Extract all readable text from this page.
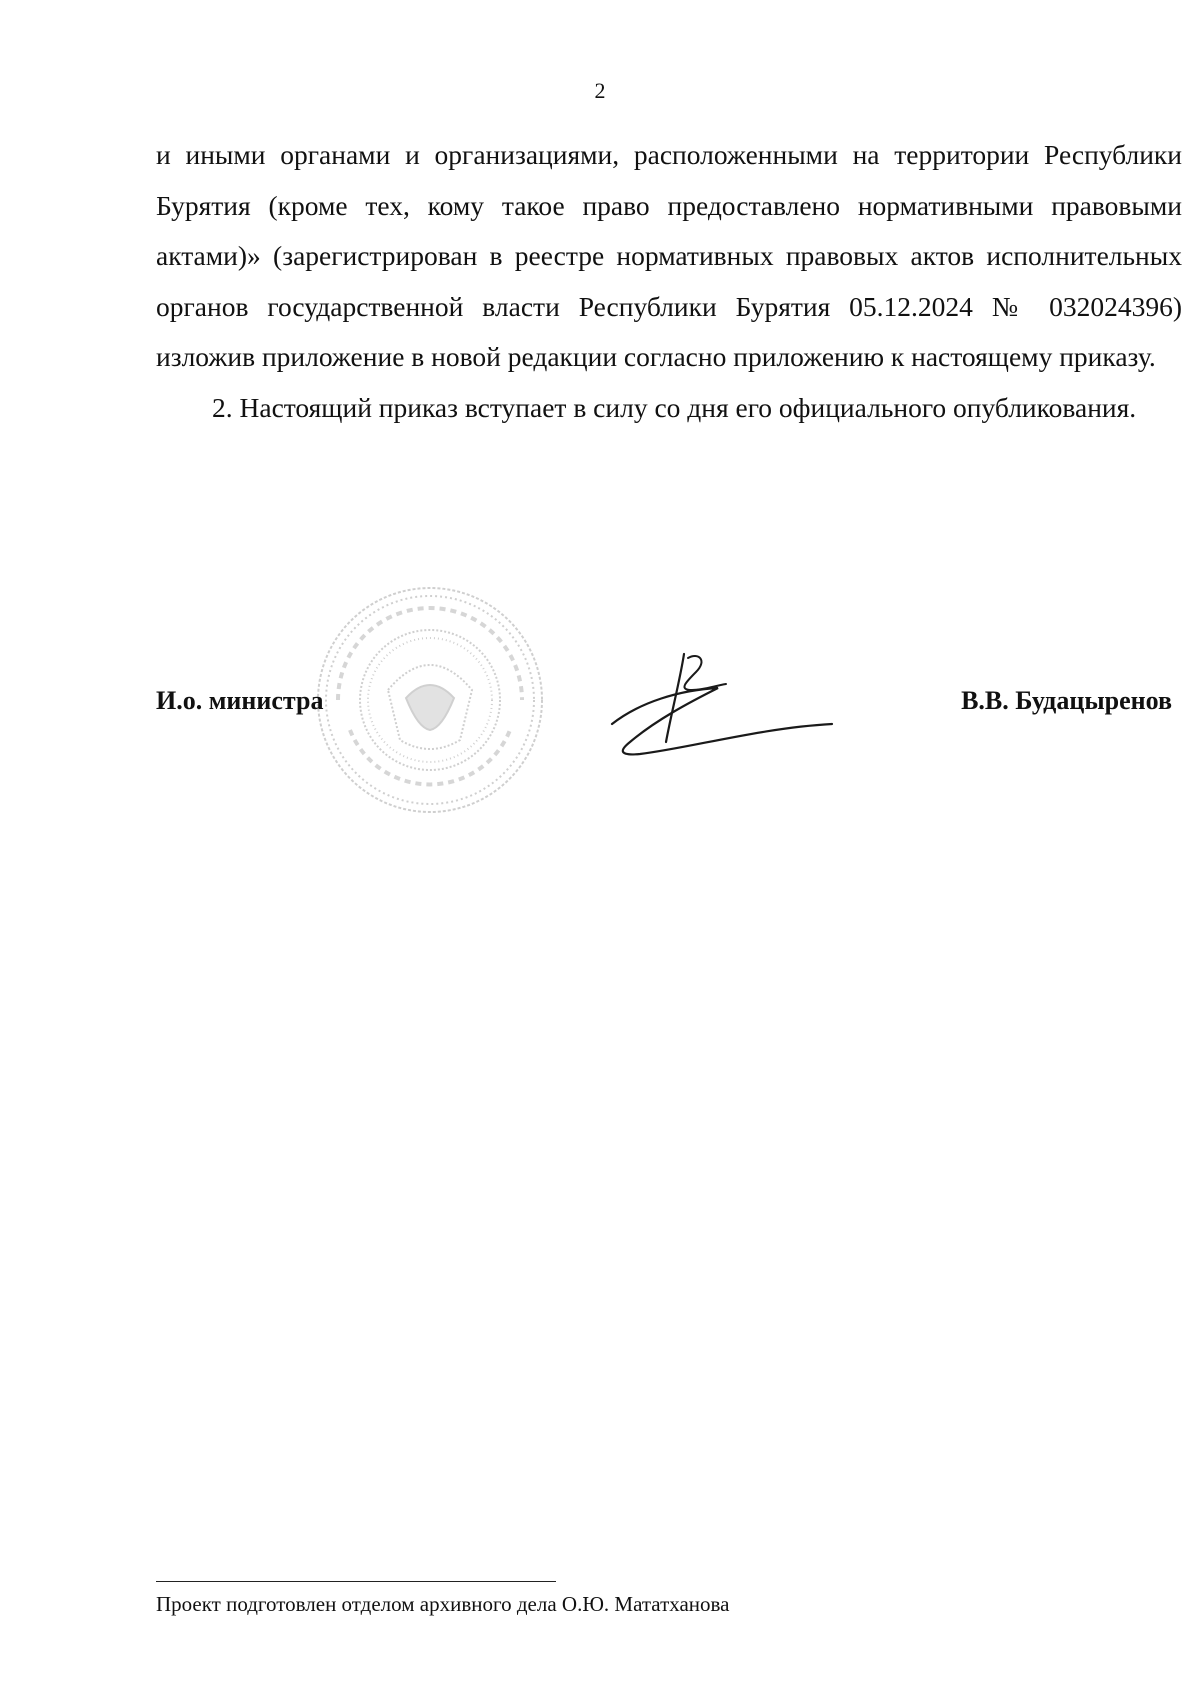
2

и иными органами и организациями, расположенными на территории Республики Бурятия (кроме тех, кому такое право предоставлено нормативными правовыми актами)» (зарегистрирован в реестре нормативных правовых актов исполнительных органов государственной власти Республики Бурятия 05.12.2024 № 032024396) изложив приложение в новой редакции согласно приложению к настоящему приказу.

2. Настоящий приказ вступает в силу со дня его официального опубликования.

И.о. министра	В.В. Будацыренов
Проект подготовлен отделом архивного дела О.Ю. Мататханова
